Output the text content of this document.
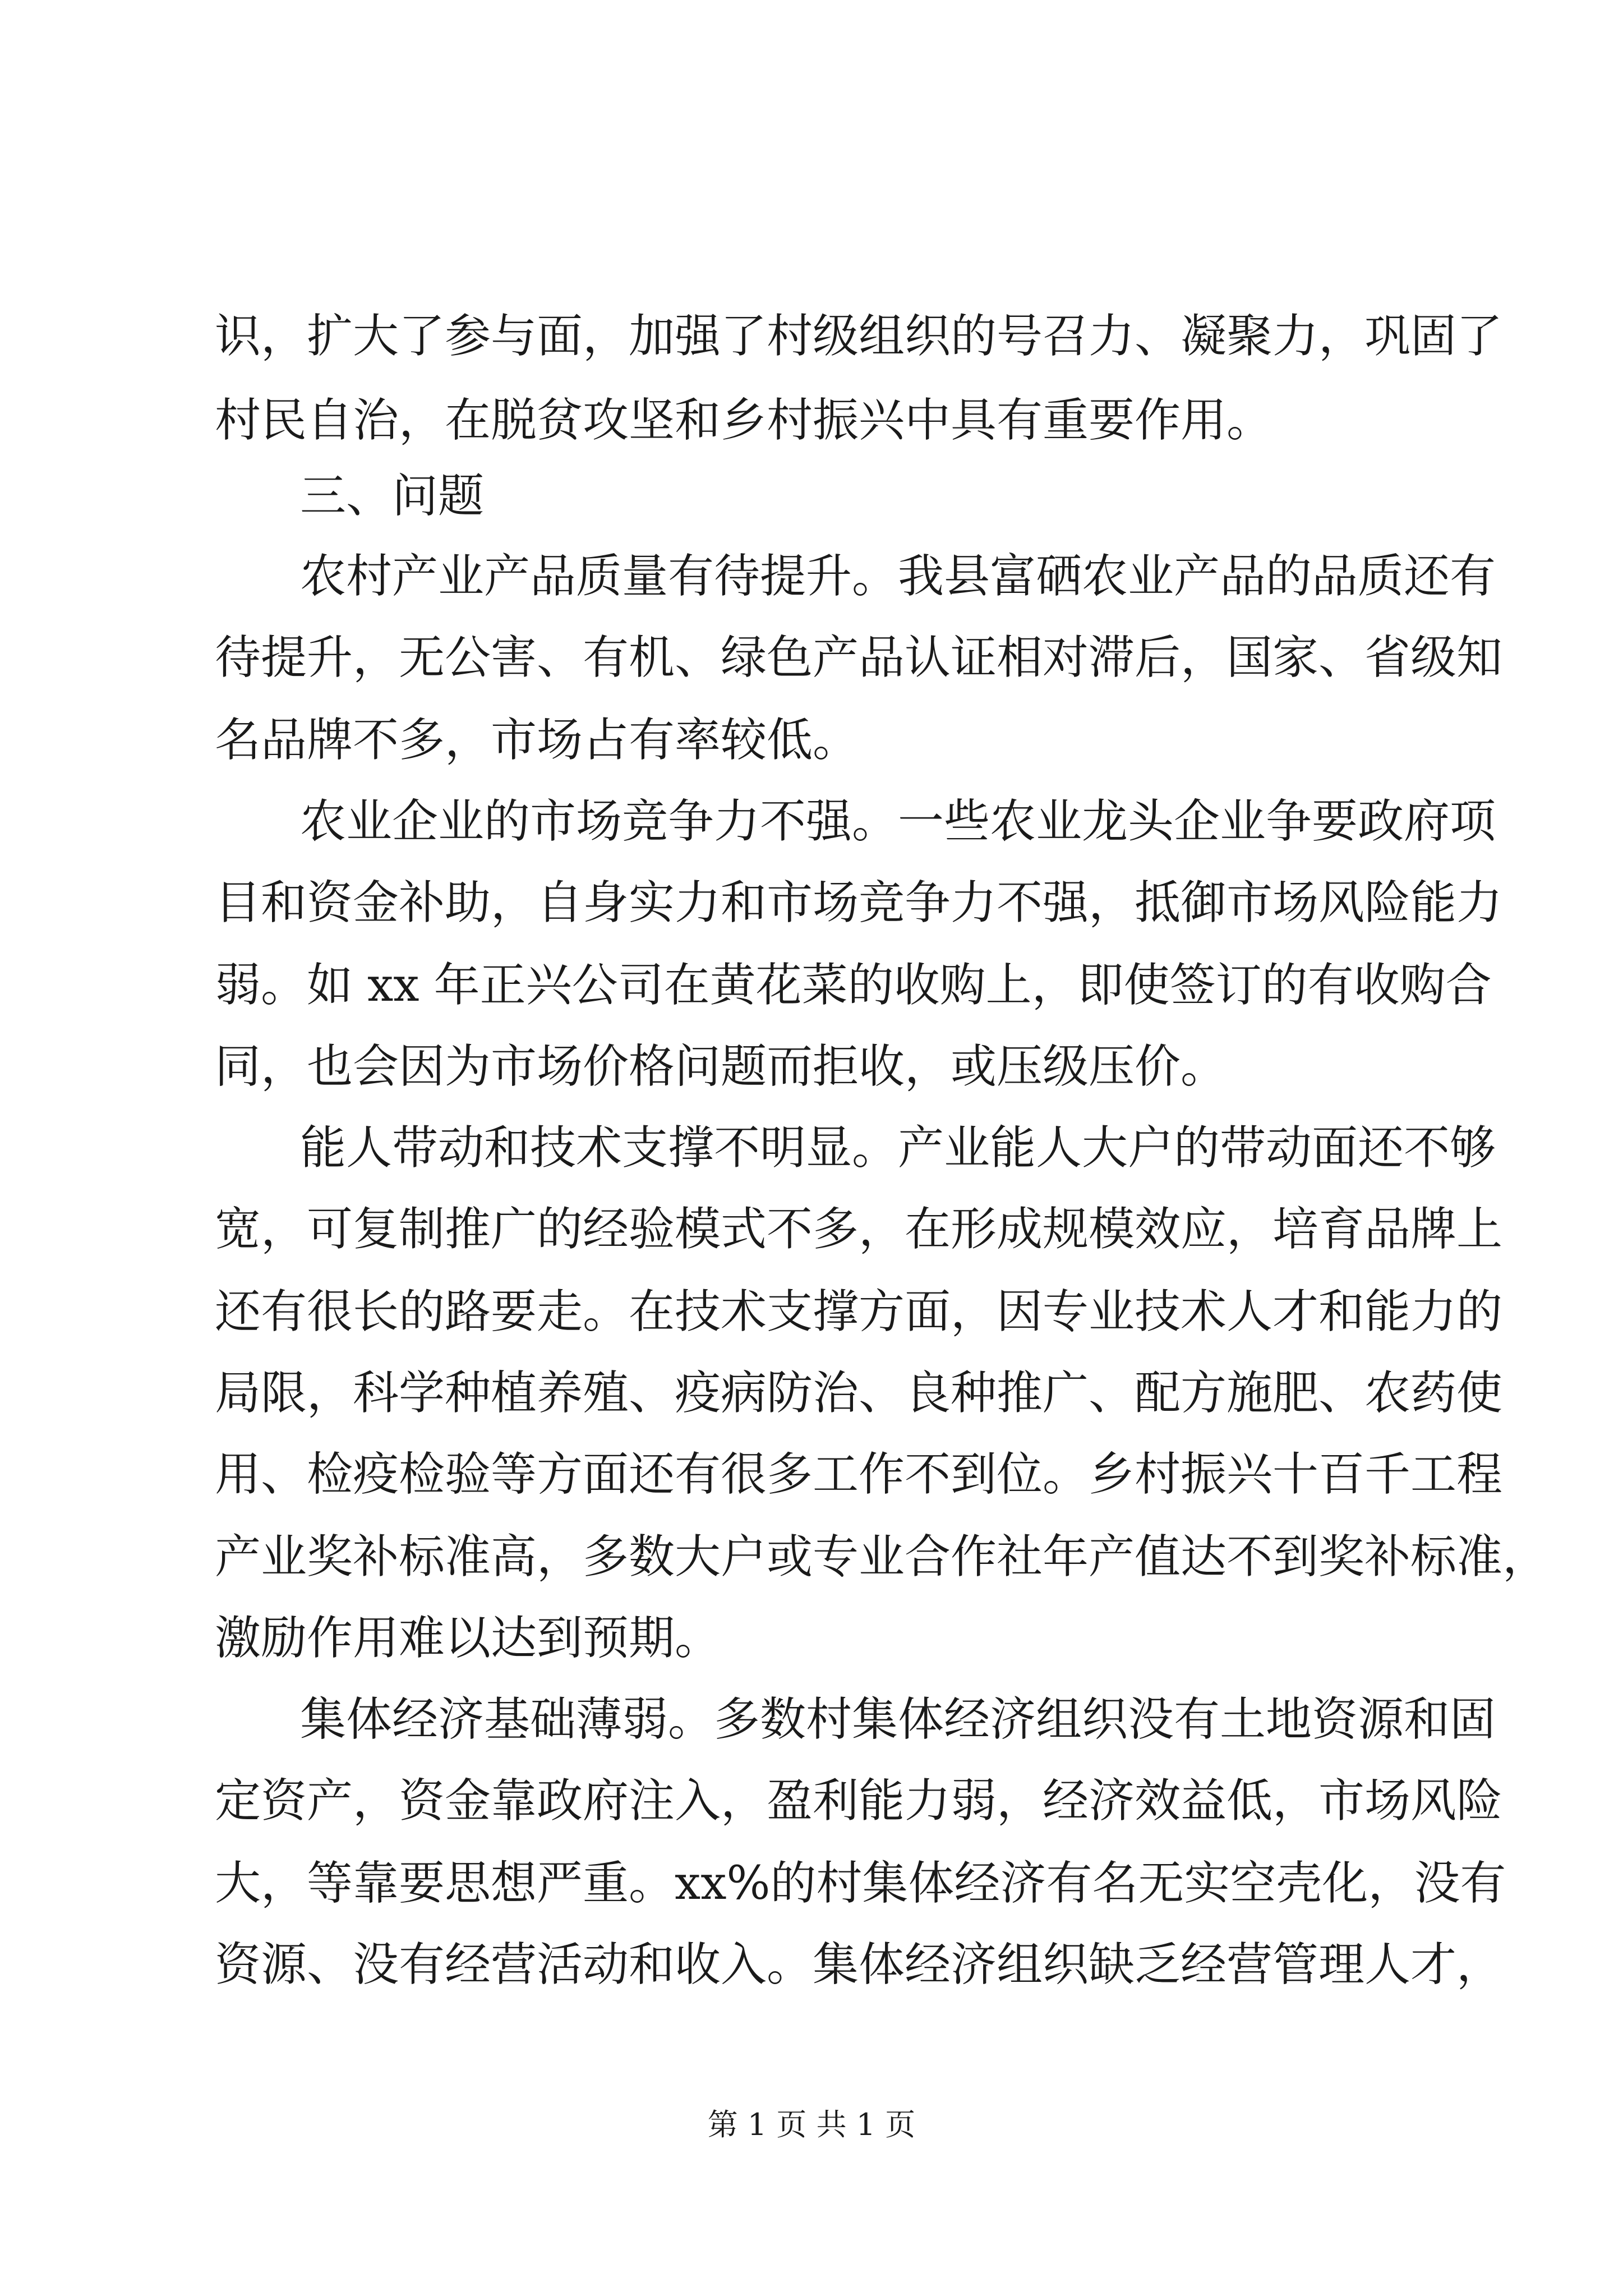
识，扩大了参与面，加强了村级组织的号召力、凝聚力，巩固了
村民自治，在脱贫攻坚和乡村振兴中具有重要作用。
三、问题
农村产业产品质量有待提升。我县富硒农业产品的品质还有
待提升，无公害、有机、绿色产品认证相对滞后，国家、省级知
名品牌不多，市场占有率较低。
农业企业的市场竞争力不强。一些农业龙头企业争要政府项
目和资金补助，自身实力和市场竞争力不强，抵御市场风险能力
弱。如 xx 年正兴公司在黄花菜的收购上，即使签订的有收购合
同，也会因为市场价格问题而拒收，或压级压价。
能人带动和技术支撑不明显。产业能人大户的带动面还不够
宽，可复制推广的经验模式不多，在形成规模效应，培育品牌上
还有很长的路要走。在技术支撑方面，因专业技术人才和能力的
局限，科学种植养殖、疫病防治、良种推广、配方施肥、农药使
用、检疫检验等方面还有很多工作不到位。乡村振兴十百千工程
产业奖补标准高，多数大户或专业合作社年产值达不到奖补标准，
激励作用难以达到预期。
集体经济基础薄弱。多数村集体经济组织没有土地资源和固
定资产，资金靠政府注入，盈利能力弱，经济效益低，市场风险
大，等靠要思想严重。xx%的村集体经济有名无实空壳化，没有
资源、没有经营活动和收入。集体经济组织缺乏经营管理人才，
第 1 页 共 1 页
